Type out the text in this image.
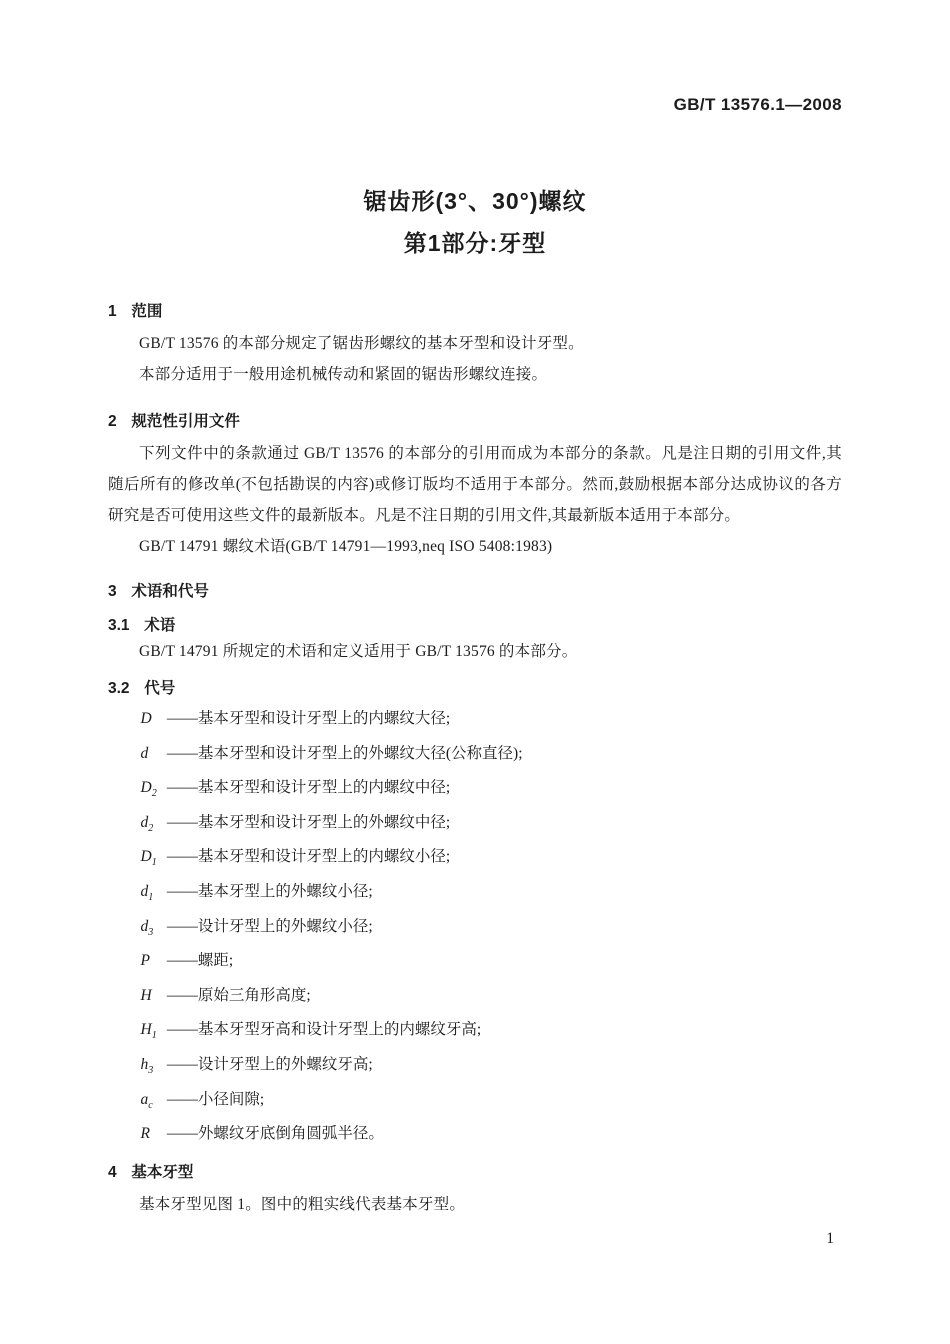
GB/T 13576.1—2008
锯齿形(3°、30°)螺纹
第1部分:牙型
1 范围

GB/T 13576 的本部分规定了锯齿形螺纹的基本牙型和设计牙型。

本部分适用于一般用途机械传动和紧固的锯齿形螺纹连接。

2 规范性引用文件

下列文件中的条款通过 GB/T 13576 的本部分的引用而成为本部分的条款。凡是注日期的引用文件,其随后所有的修改单(不包括勘误的内容)或修订版均不适用于本部分。然而,鼓励根据本部分达成协议的各方研究是否可使用这些文件的最新版本。凡是不注日期的引用文件,其最新版本适用于本部分。

GB/T 14791 螺纹术语(GB/T 14791—1993,neq ISO 5408:1983)

3 术语和代号
3.1 术语

GB/T 14791 所规定的术语和定义适用于 GB/T 13576 的本部分。

3.2 代号

D ——基本牙型和设计牙型上的内螺纹大径;

d ——基本牙型和设计牙型上的外螺纹大径(公称直径);

$D_2$ ——基本牙型和设计牙型上的内螺纹中径;

$d_2$ ——基本牙型和设计牙型上的外螺纹中径;

$D_1$ ——基本牙型和设计牙型上的内螺纹小径;

$d_1$ ——基本牙型上的外螺纹小径;

$d_3$ ——设计牙型上的外螺纹小径;

P ——螺距;

H ——原始三角形高度;

$H_1$ ——基本牙型牙高和设计牙型上的内螺纹牙高;

$h_3$ ——设计牙型上的外螺纹牙高;

$a_c$ ——小径间隙;

R ——外螺纹牙底倒角圆弧半径。

4 基本牙型

基本牙型见图 1。图中的粗实线代表基本牙型。

1
